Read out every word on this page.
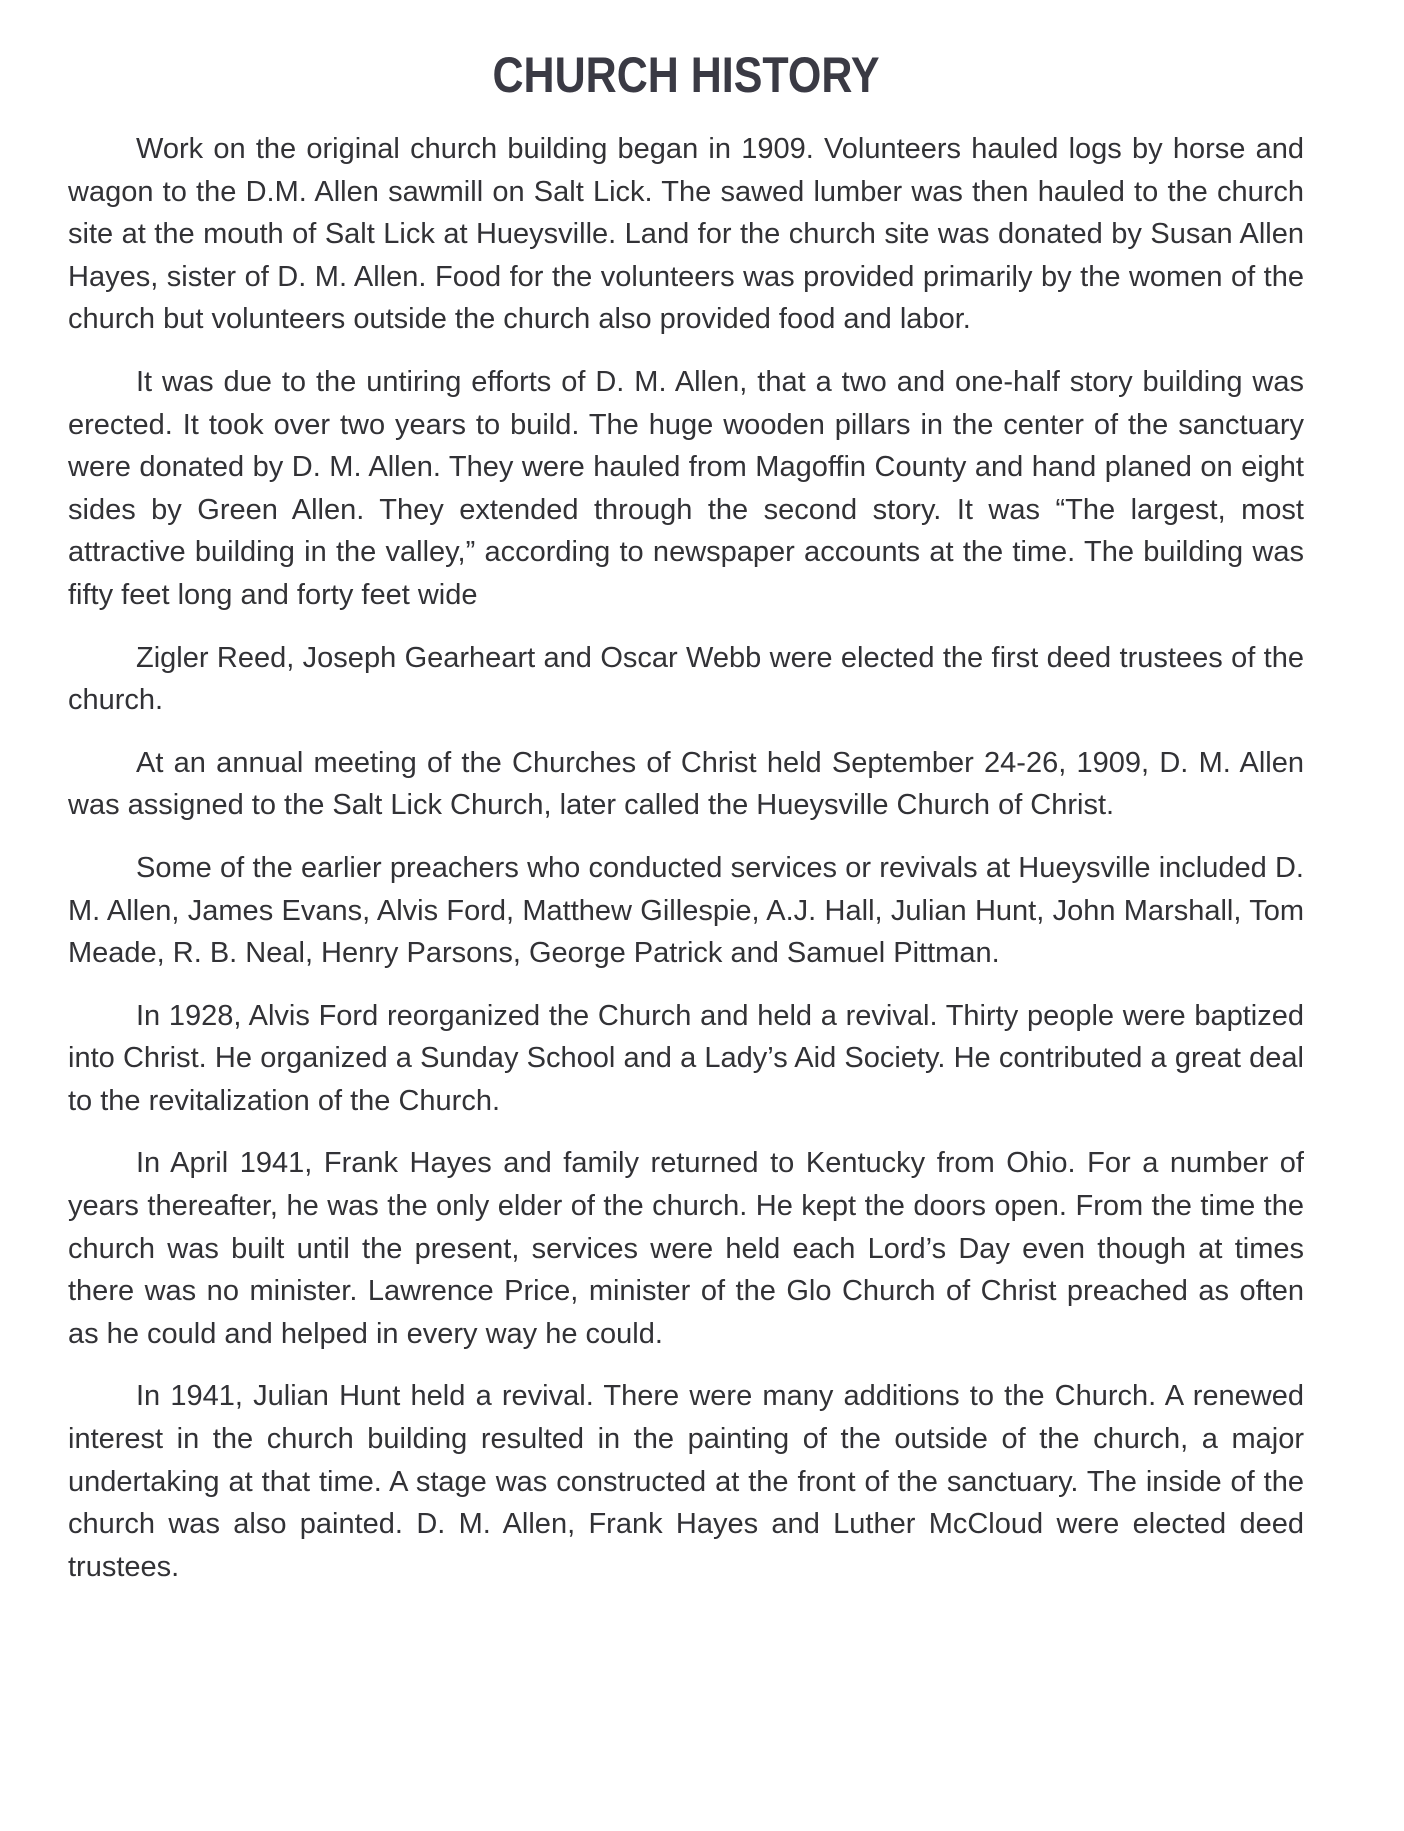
CHURCH HISTORY

Work on the original church building began in 1909. Volunteers hauled logs by horse and wagon to the D.M. Allen sawmill on Salt Lick. The sawed lumber was then hauled to the church site at the mouth of Salt Lick at Hueysville. Land for the church site was donated by Susan Allen Hayes, sister of D. M. Allen. Food for the volunteers was provided primarily by the women of the church but volunteers outside the church also provided food and labor.

It was due to the untiring efforts of D. M. Allen, that a two and one-half story building was erected. It took over two years to build. The huge wooden pillars in the center of the sanctuary were donated by D. M. Allen. They were hauled from Magoffin County and hand planed on eight sides by Green Allen. They extended through the second story. It was “The largest, most attractive building in the valley,” according to newspaper accounts at the time. The building was fifty feet long and forty feet wide

Zigler Reed, Joseph Gearheart and Oscar Webb were elected the first deed trustees of the church.

At an annual meeting of the Churches of Christ held September 24-26, 1909, D. M. Allen was assigned to the Salt Lick Church, later called the Hueysville Church of Christ.

Some of the earlier preachers who conducted services or revivals at Hueysville included D. M. Allen, James Evans, Alvis Ford, Matthew Gillespie, A.J. Hall, Julian Hunt, John Marshall, Tom Meade, R. B. Neal, Henry Parsons, George Patrick and Samuel Pittman.

In 1928, Alvis Ford reorganized the Church and held a revival. Thirty people were baptized into Christ. He organized a Sunday School and a Lady’s Aid Society. He contributed a great deal to the revitalization of the Church.

In April 1941, Frank Hayes and family returned to Kentucky from Ohio. For a number of years thereafter, he was the only elder of the church. He kept the doors open. From the time the church was built until the present, services were held each Lord’s Day even though at times there was no minister. Lawrence Price, minister of the Glo Church of Christ preached as often as he could and helped in every way he could.

In 1941, Julian Hunt held a revival. There were many additions to the Church. A renewed interest in the church building resulted in the painting of the outside of the church, a major undertaking at that time. A stage was constructed at the front of the sanctuary. The inside of the church was also painted. D. M. Allen, Frank Hayes and Luther McCloud were elected deed trustees.
